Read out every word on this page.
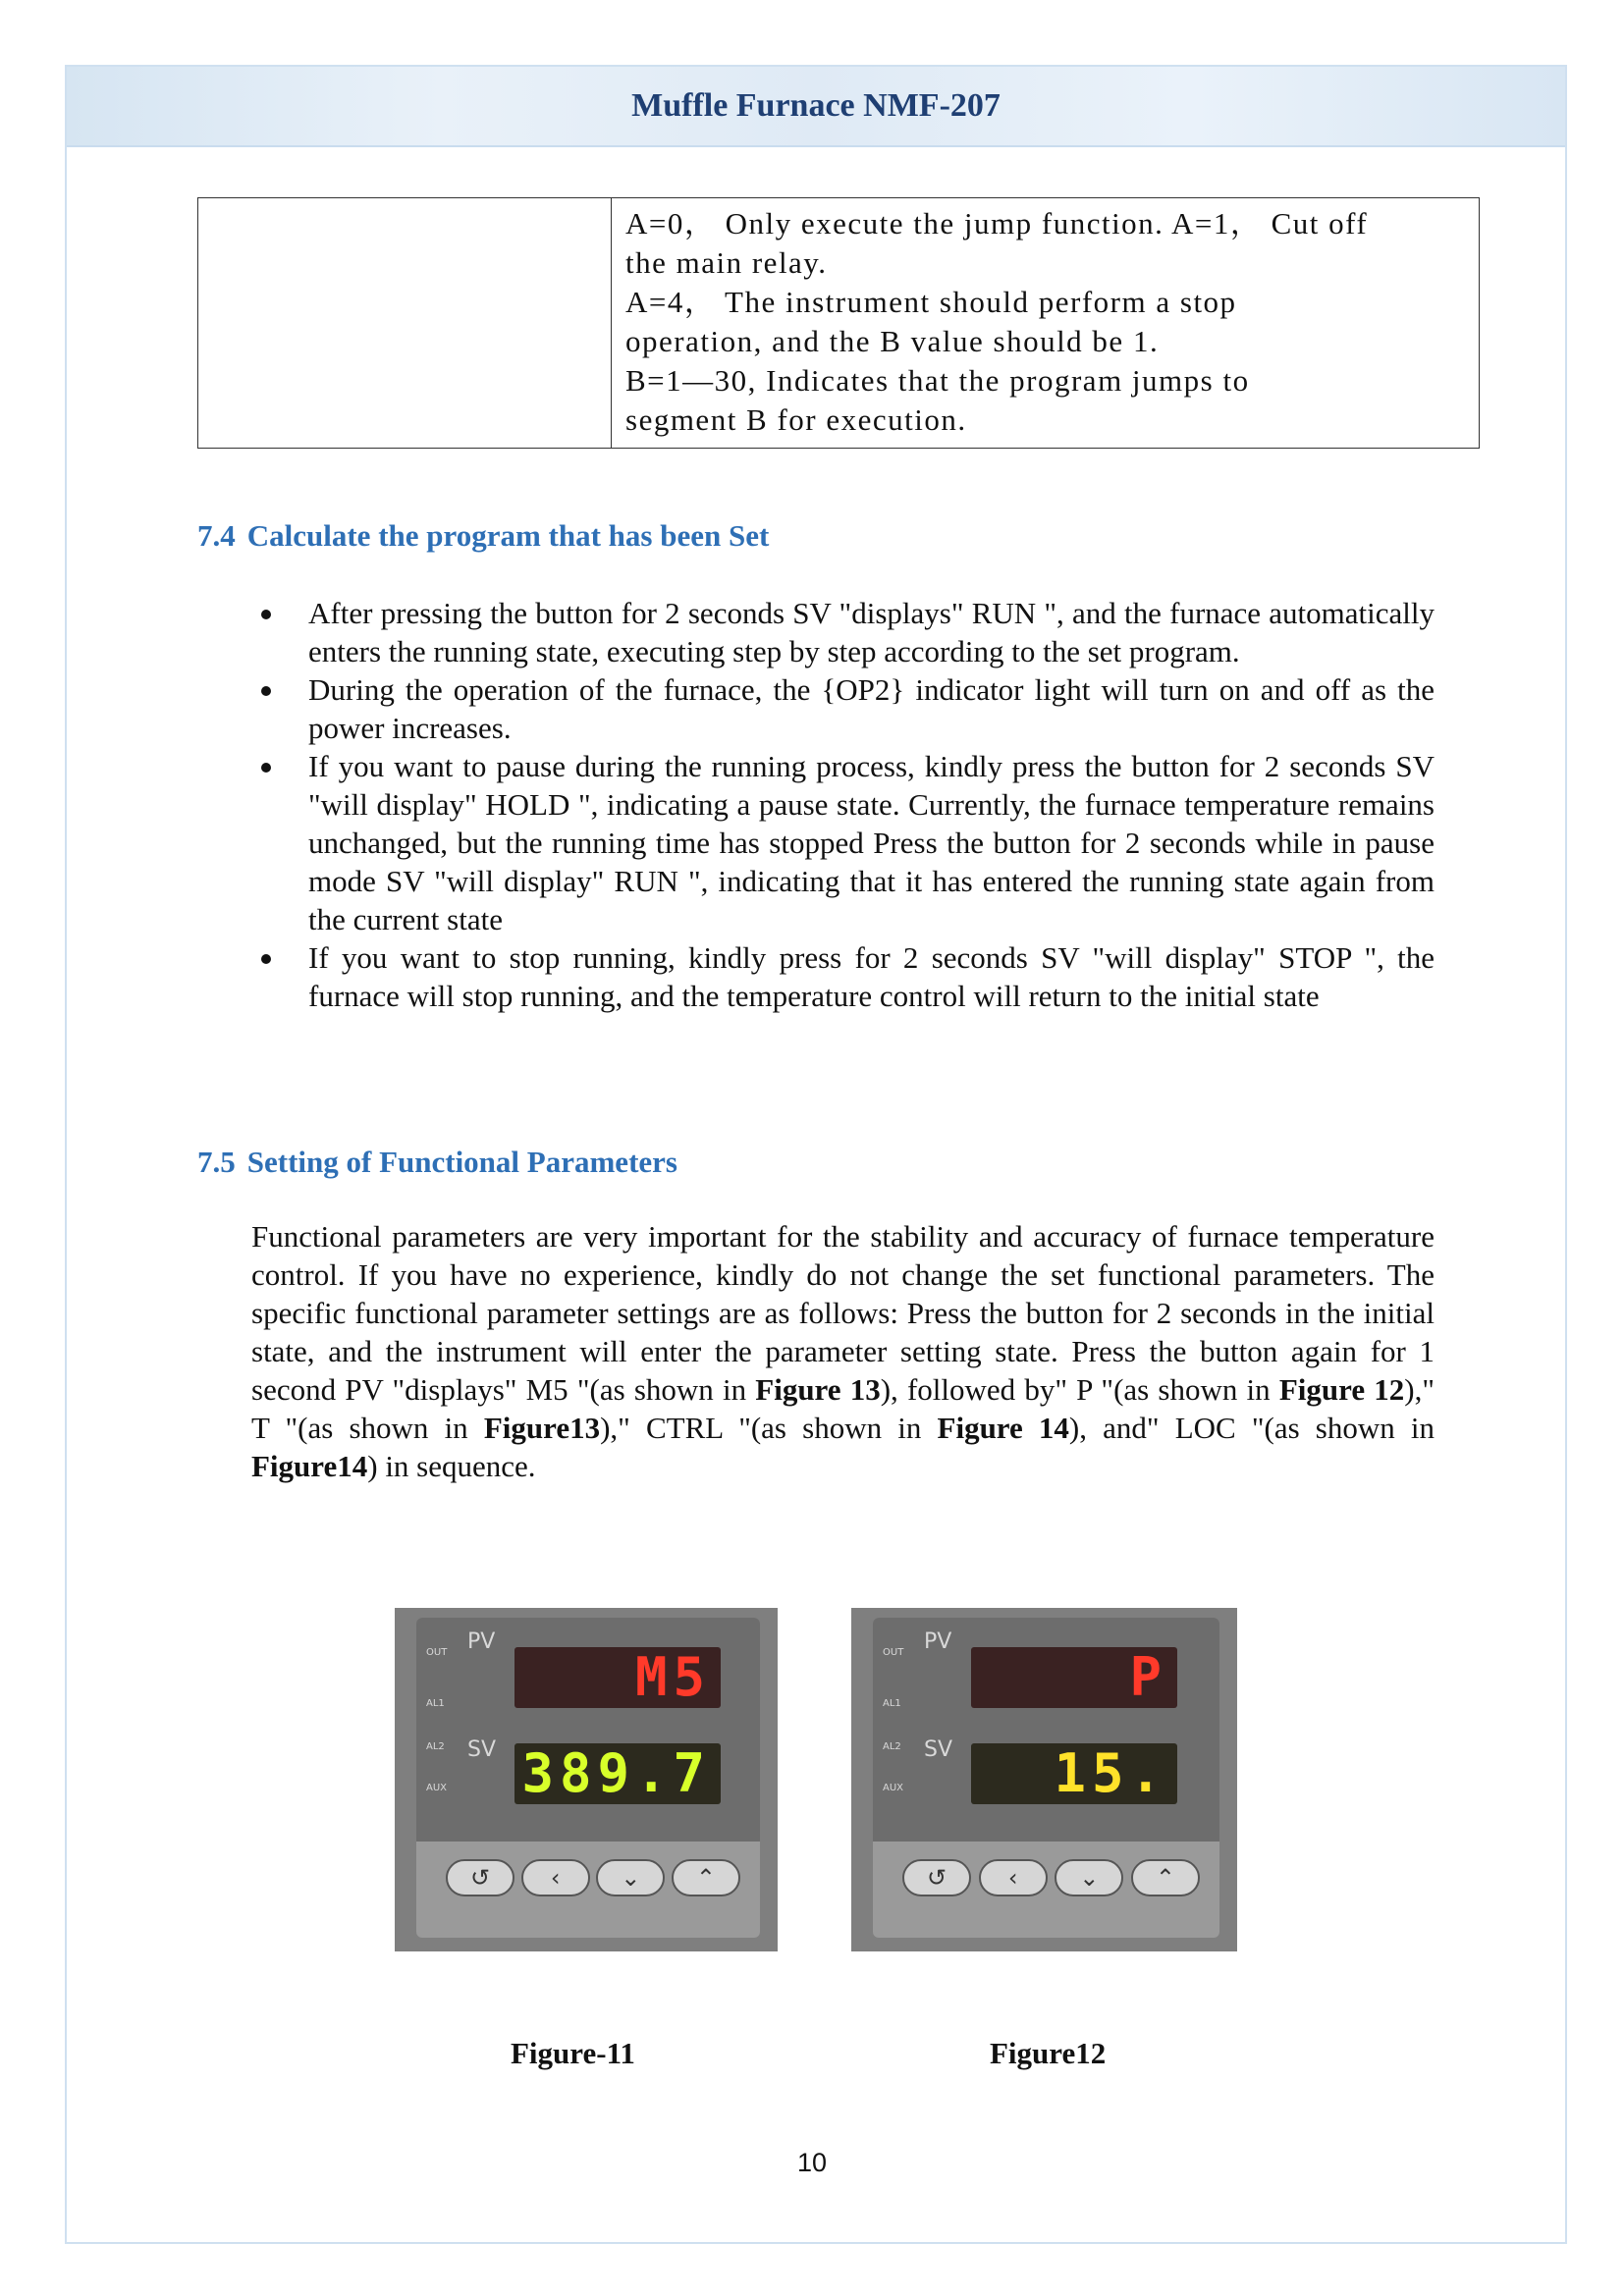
Muffle Furnace NMF-207

A=0， Only execute the jump function. A=1， Cut off
the main relay.
A=4， The instrument should perform a stop
operation, and the B value should be 1.
B=1—30, Indicates that the program jumps to
segment B for execution.
7.4 Calculate the program that has been Set
After pressing the button for 2 seconds SV "displays" RUN ", and the furnace automatically enters the running state, executing step by step according to the set program.
During the operation of the furnace, the {OP2} indicator light will turn on and off as the power increases.
If you want to pause during the running process, kindly press the button for 2 seconds SV "will display" HOLD ", indicating a pause state. Currently, the furnace temperature remains unchanged, but the running time has stopped Press the button for 2 seconds while in pause mode SV "will display" RUN ", indicating that it has entered the running state again from the current state
If you want to stop running, kindly press for 2 seconds SV "will display" STOP ", the furnace will stop running, and the temperature control will return to the initial state
7.5 Setting of Functional Parameters
Functional parameters are very important for the stability and accuracy of furnace temperature control. If you have no experience, kindly do not change the set functional parameters. The specific functional parameter settings are as follows: Press the button for 2 seconds in the initial state, and the instrument will enter the parameter setting state. Press the button again for 1 second PV "displays" M5 "(as shown in Figure 13), followed by" P "(as shown in Figure 12)," T "(as shown in Figure13)," CTRL "(as shown in Figure 14), and" LOC "(as shown in Figure14) in sequence.
OUT
AL1
AL2
AUX
PV
M5
SV 389.7
↺	‹	⌄	⌃
OUT
AL1
AL2
AUX
PV
P
SV	15.
↺	‹	⌄	⌃
Figure-11	Figure12
10
